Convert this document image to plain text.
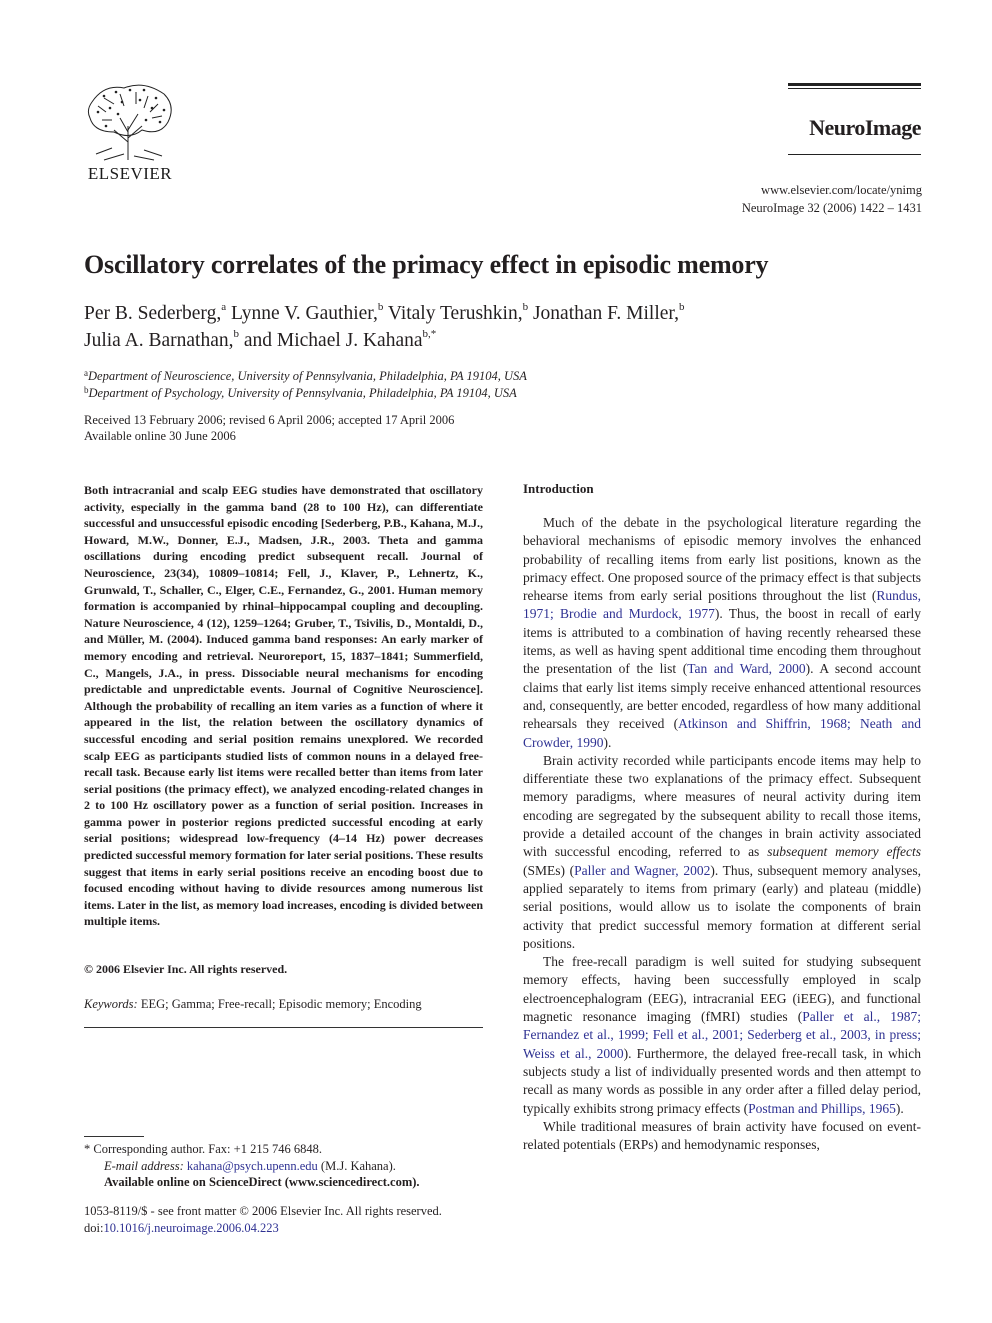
ELSEVIER
NeuroImage
www.elsevier.com/locate/ynimg
NeuroImage 32 (2006) 1422 – 1431
Oscillatory correlates of the primacy effect in episodic memory
Per B. Sederberg,$^a$ Lynne V. Gauthier,$^b$ Vitaly Terushkin,$^b$ Jonathan F. Miller,$^b$
Julia A. Barnathan,$^b$ and Michael J. Kahana$^{b,*}$
$^a$Department of Neuroscience, University of Pennsylvania, Philadelphia, PA 19104, USA
$^b$Department of Psychology, University of Pennsylvania, Philadelphia, PA 19104, USA
Received 13 February 2006; revised 6 April 2006; accepted 17 April 2006
Available online 30 June 2006
Both intracranial and scalp EEG studies have demonstrated that oscillatory activity, especially in the gamma band (28 to 100 Hz), can differentiate successful and unsuccessful episodic encoding [Sederberg, P.B., Kahana, M.J., Howard, M.W., Donner, E.J., Madsen, J.R., 2003. Theta and gamma oscillations during encoding predict subsequent recall. Journal of Neuroscience, 23(34), 10809–10814; Fell, J., Klaver, P., Lehnertz, K., Grunwald, T., Schaller, C., Elger, C.E., Fernandez, G., 2001. Human memory formation is accompanied by rhinal–hippocampal coupling and decoupling. Nature Neuroscience, 4 (12), 1259–1264; Gruber, T., Tsivilis, D., Montaldi, D., and Müller, M. (2004). Induced gamma band responses: An early marker of memory encoding and retrieval. Neuroreport, 15, 1837–1841; Summerfield, C., Mangels, J.A., in press. Dissociable neural mechanisms for encoding predictable and unpredictable events. Journal of Cognitive Neuroscience]. Although the probability of recalling an item varies as a function of where it appeared in the list, the relation between the oscillatory dynamics of successful encoding and serial position remains unexplored. We recorded scalp EEG as participants studied lists of common nouns in a delayed free-recall task. Because early list items were recalled better than items from later serial positions (the primacy effect), we analyzed encoding-related changes in 2 to 100 Hz oscillatory power as a function of serial position. Increases in gamma power in posterior regions predicted successful encoding at early serial positions; widespread low-frequency (4–14 Hz) power decreases predicted successful memory formation for later serial positions. These results suggest that items in early serial positions receive an encoding boost due to focused encoding without having to divide resources among numerous list items. Later in the list, as memory load increases, encoding is divided between multiple items.
© 2006 Elsevier Inc. All rights reserved.
Keywords: EEG; Gamma; Free-recall; Episodic memory; Encoding
* Corresponding author. Fax: +1 215 746 6848.
E-mail address: kahana@psych.upenn.edu (M.J. Kahana).
Available online on ScienceDirect (www.sciencedirect.com).
1053-8119/$ - see front matter © 2006 Elsevier Inc. All rights reserved.
doi:10.1016/j.neuroimage.2006.04.223
Introduction

Much of the debate in the psychological literature regarding the behavioral mechanisms of episodic memory involves the enhanced probability of recalling items from early list positions, known as the primacy effect. One proposed source of the primacy effect is that subjects rehearse items from early serial positions throughout the list (Rundus, 1971; Brodie and Murdock, 1977). Thus, the boost in recall of early items is attributed to a combination of having recently rehearsed these items, as well as having spent additional time encoding them throughout the presentation of the list (Tan and Ward, 2000). A second account claims that early list items simply receive enhanced attentional resources and, consequently, are better encoded, regardless of how many additional rehearsals they received (Atkinson and Shiffrin, 1968; Neath and Crowder, 1990).

Brain activity recorded while participants encode items may help to differentiate these two explanations of the primacy effect. Subsequent memory paradigms, where measures of neural activity during item encoding are segregated by the subsequent ability to recall those items, provide a detailed account of the changes in brain activity associated with successful encoding, referred to as subsequent memory effects (SMEs) (Paller and Wagner, 2002). Thus, subsequent memory analyses, applied separately to items from primary (early) and plateau (middle) serial positions, would allow us to isolate the components of brain activity that predict successful memory formation at different serial positions.

The free-recall paradigm is well suited for studying subsequent memory effects, having been successfully employed in scalp electroencephalogram (EEG), intracranial EEG (iEEG), and functional magnetic resonance imaging (fMRI) studies (Paller et al., 1987; Fernandez et al., 1999; Fell et al., 2001; Sederberg et al., 2003, in press; Weiss et al., 2000). Furthermore, the delayed free-recall task, in which subjects study a list of individually presented words and then attempt to recall as many words as possible in any order after a filled delay period, typically exhibits strong primacy effects (Postman and Phillips, 1965).

While traditional measures of brain activity have focused on event-related potentials (ERPs) and hemodynamic responses,
